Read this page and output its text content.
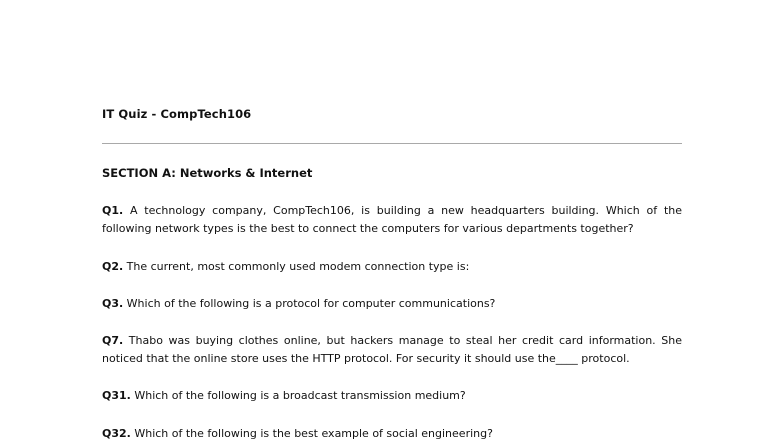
IT Quiz - CompTech106
SECTION A: Networks & Internet
Q1. A technology company, CompTech106, is building a new headquarters building. Which of the following network types is the best to connect the computers for various departments together?
Q2. The current, most commonly used modem connection type is:
Q3. Which of the following is a protocol for computer communications?
Q7. Thabo was buying clothes online, but hackers manage to steal her credit card information. She noticed that the online store uses the HTTP protocol. For security it should use the____ protocol.
Q31. Which of the following is a broadcast transmission medium?
Q32. Which of the following is the best example of social engineering?
